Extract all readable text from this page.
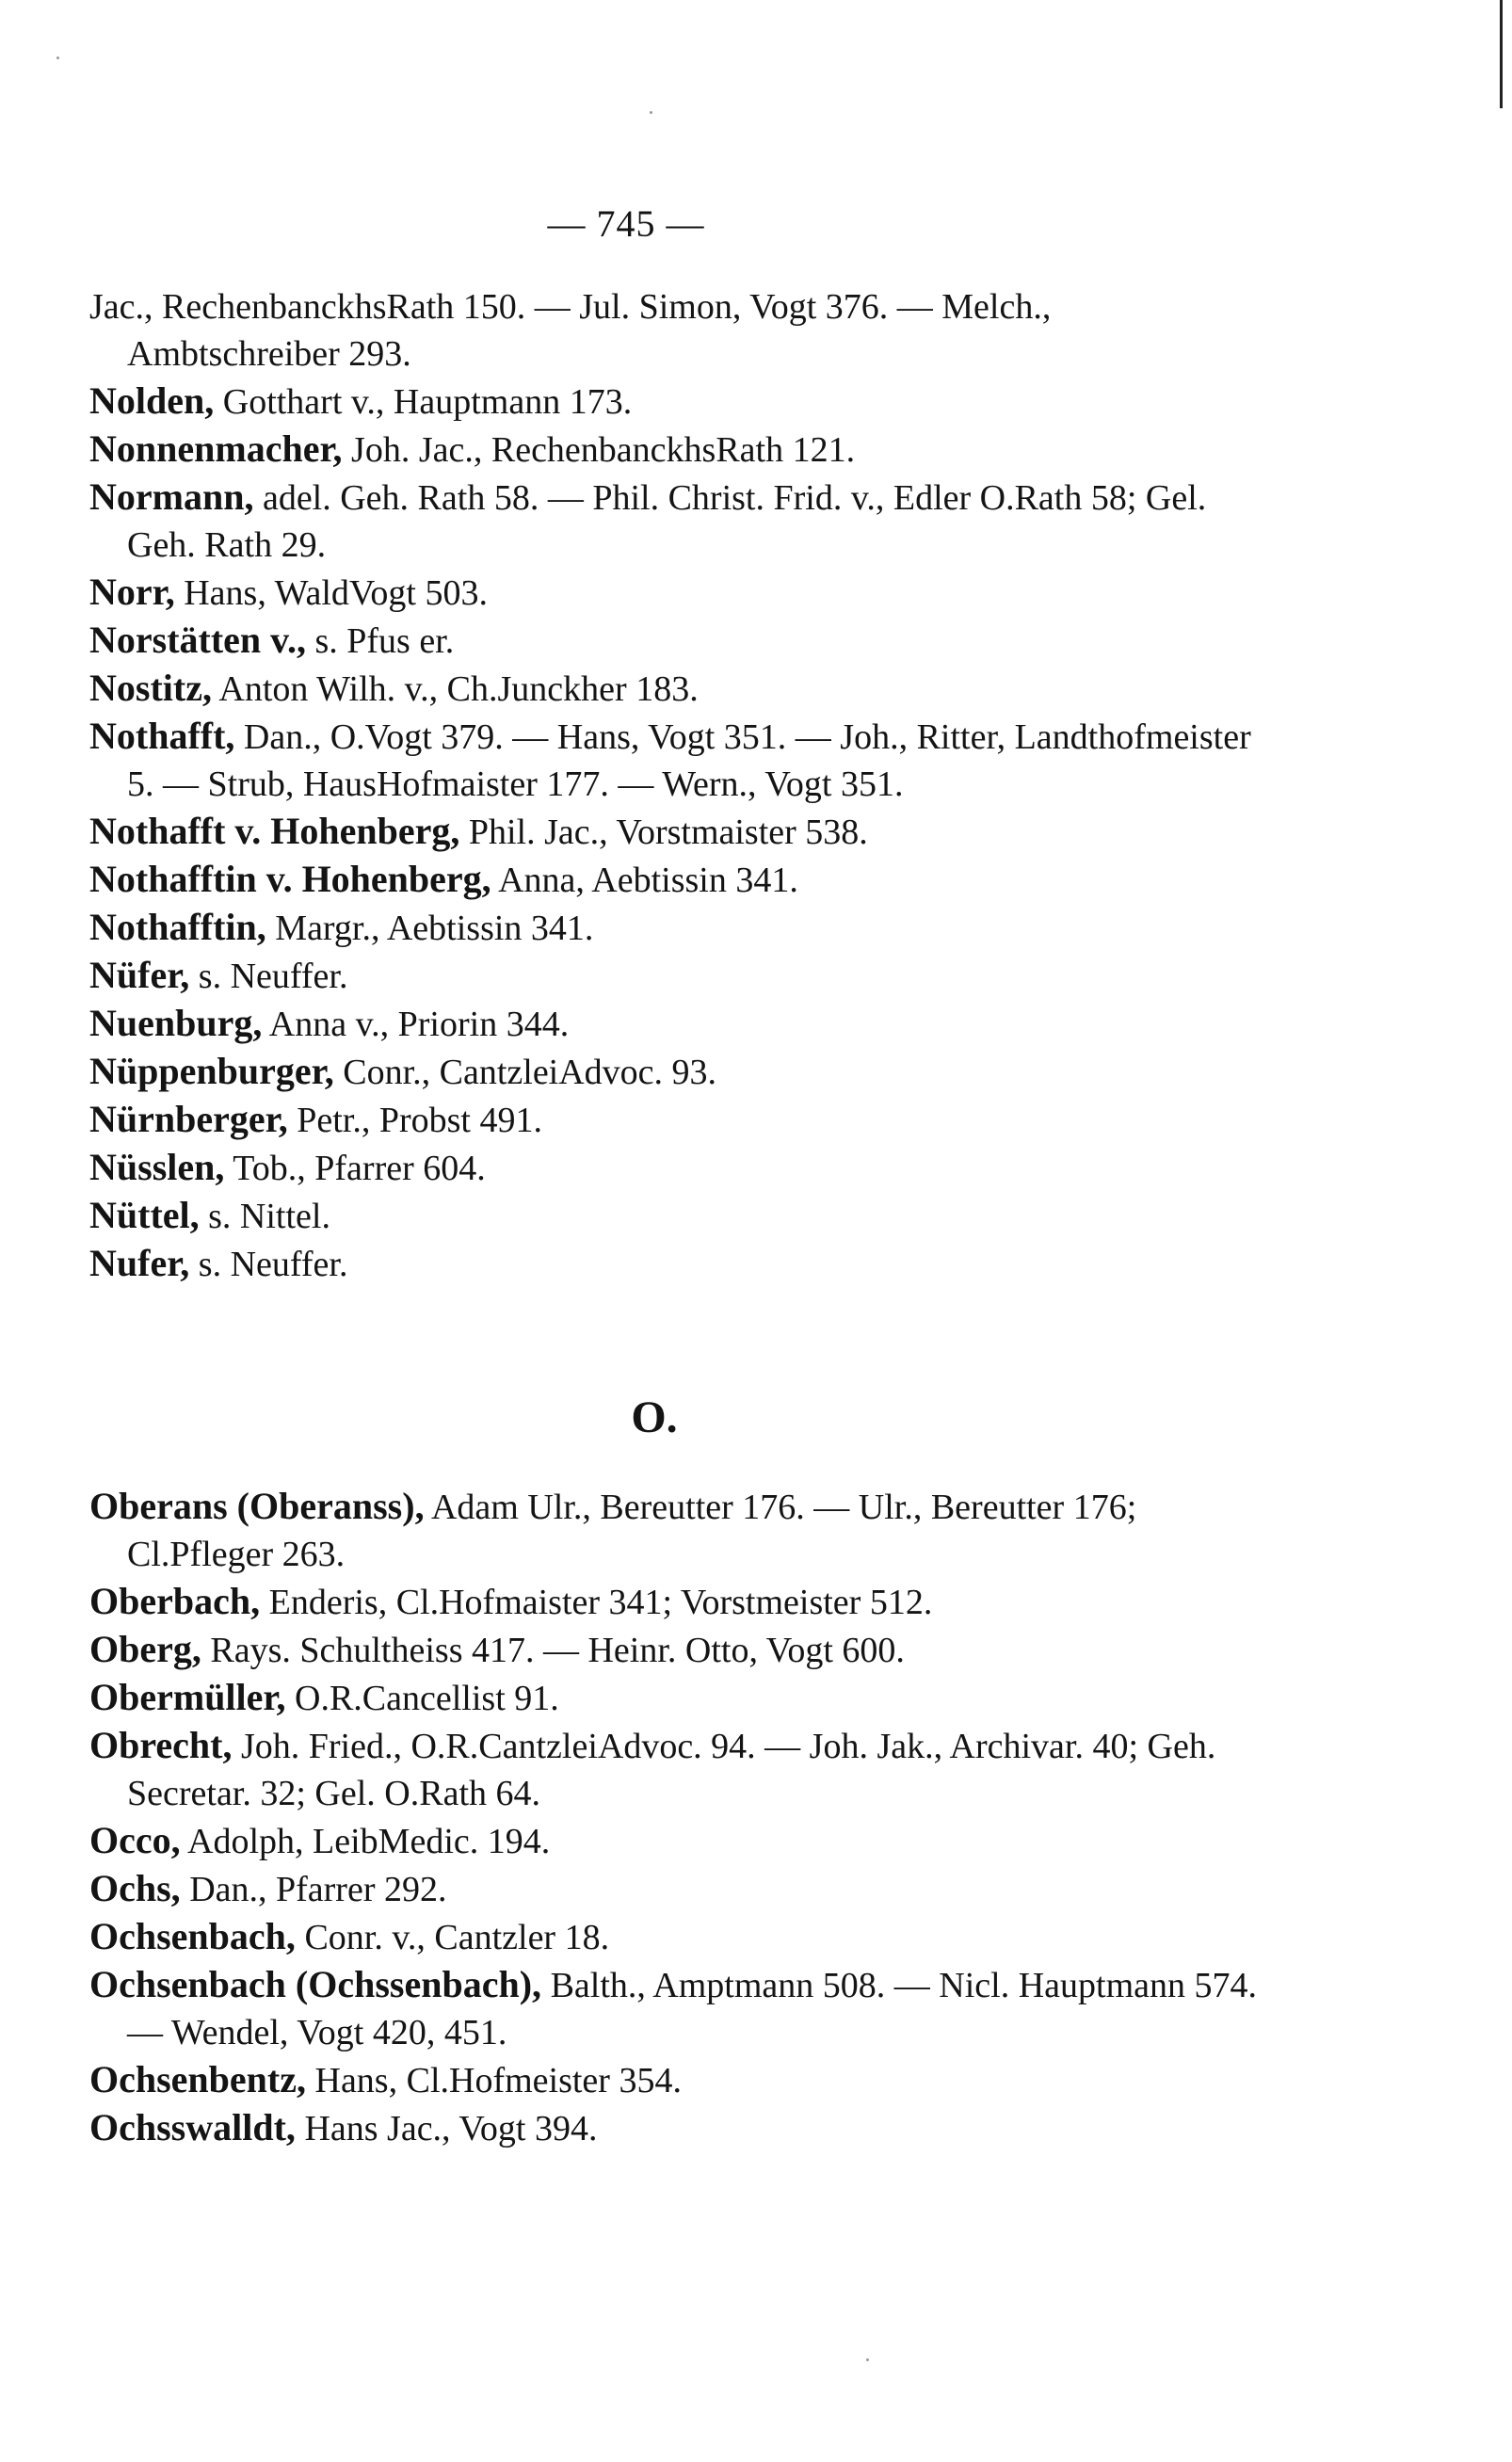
— 745 —
Jac., RechenbanckhsRath 150. — Jul. Simon, Vogt 376. — Melch., Ambtschreiber 293.
Nolden, Gotthart v., Hauptmann 173.
Nonnenmacher, Joh. Jac., RechenbanckhsRath 121.
Normann, adel. Geh. Rath 58. — Phil. Christ. Frid. v., Edler O.Rath 58; Gel. Geh. Rath 29.
Norr, Hans, WaldVogt 503.
Norstätten v., s. Pfus er.
Nostitz, Anton Wilh. v., Ch.Junckher 183.
Nothafft, Dan., O.Vogt 379. — Hans, Vogt 351. — Joh., Ritter, Landthofmeister 5. — Strub, HausHofmaister 177. — Wern., Vogt 351.
Nothafft v. Hohenberg, Phil. Jac., Vorstmaister 538.
Nothafftin v. Hohenberg, Anna, Aebtissin 341.
Nothafftin, Margr., Aebtissin 341.
Nüfer, s. Neuffer.
Nuenburg, Anna v., Priorin 344.
Nüppenburger, Conr., CantzleiAdvoc. 93.
Nürnberger, Petr., Probst 491.
Nüsslen, Tob., Pfarrer 604.
Nüttel, s. Nittel.
Nufer, s. Neuffer.
O.
Oberans (Oberanss), Adam Ulr., Bereutter 176. — Ulr., Bereutter 176; Cl.Pfleger 263.
Oberbach, Enderis, Cl.Hofmaister 341; Vorstmeister 512.
Oberg, Rays. Schultheiss 417. — Heinr. Otto, Vogt 600.
Obermüller, O.R.Cancellist 91.
Obrecht, Joh. Fried., O.R.CantzleiAdvoc. 94. — Joh. Jak., Archivar. 40; Geh. Secretar. 32; Gel. O.Rath 64.
Occo, Adolph, LeibMedic. 194.
Ochs, Dan., Pfarrer 292.
Ochsenbach, Conr. v., Cantzler 18.
Ochsenbach (Ochssenbach), Balth., Amptmann 508. — Nicl. Hauptmann 574. — Wendel, Vogt 420, 451.
Ochsenbentz, Hans, Cl.Hofmeister 354.
Ochsswalldt, Hans Jac., Vogt 394.
